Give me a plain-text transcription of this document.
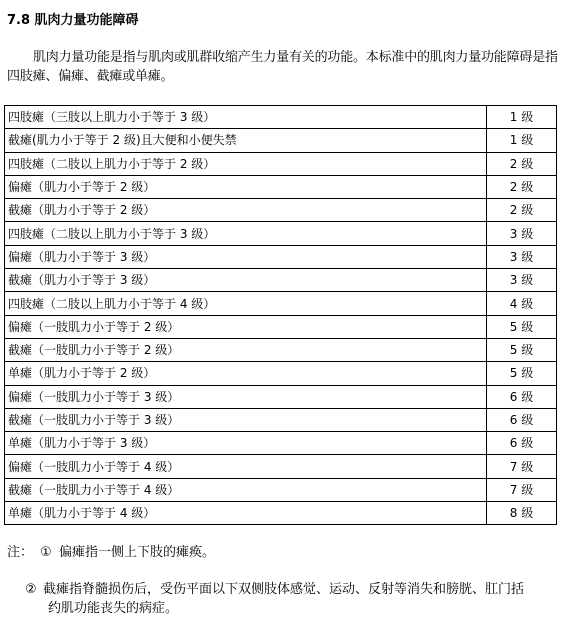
7.8 肌肉力量功能障碍
肌肉力量功能是指与肌肉或肌群收缩产生力量有关的功能。本标准中的肌肉力量功能障碍是指四肢瘫、偏瘫、截瘫或单瘫。
四肢瘫（三肢以上肌力小于等于 3 级）	1 级
截瘫(肌力小于等于 2 级)且大便和小便失禁	1 级
四肢瘫（二肢以上肌力小于等于 2 级）	2 级
偏瘫（肌力小于等于 2 级）	2 级
截瘫（肌力小于等于 2 级）	2 级
四肢瘫（二肢以上肌力小于等于 3 级）	3 级
偏瘫（肌力小于等于 3 级）	3 级
截瘫（肌力小于等于 3 级）	3 级
四肢瘫（二肢以上肌力小于等于 4 级）	4 级
偏瘫（一肢肌力小于等于 2 级）	5 级
截瘫（一肢肌力小于等于 2 级）	5 级
单瘫（肌力小于等于 2 级）	5 级
偏瘫（一肢肌力小于等于 3 级）	6 级
截瘫（一肢肌力小于等于 3 级）	6 级
单瘫（肌力小于等于 3 级）	6 级
偏瘫（一肢肌力小于等于 4 级）	7 级
截瘫（一肢肌力小于等于 4 级）	7 级
单瘫（肌力小于等于 4 级）	8 级
注： ① 偏瘫指一侧上下肢的瘫痪。
② 截瘫指脊髓损伤后，受伤平面以下双侧肢体感觉、运动、反射等消失和膀胱、肛门括
约肌功能丧失的病症。
